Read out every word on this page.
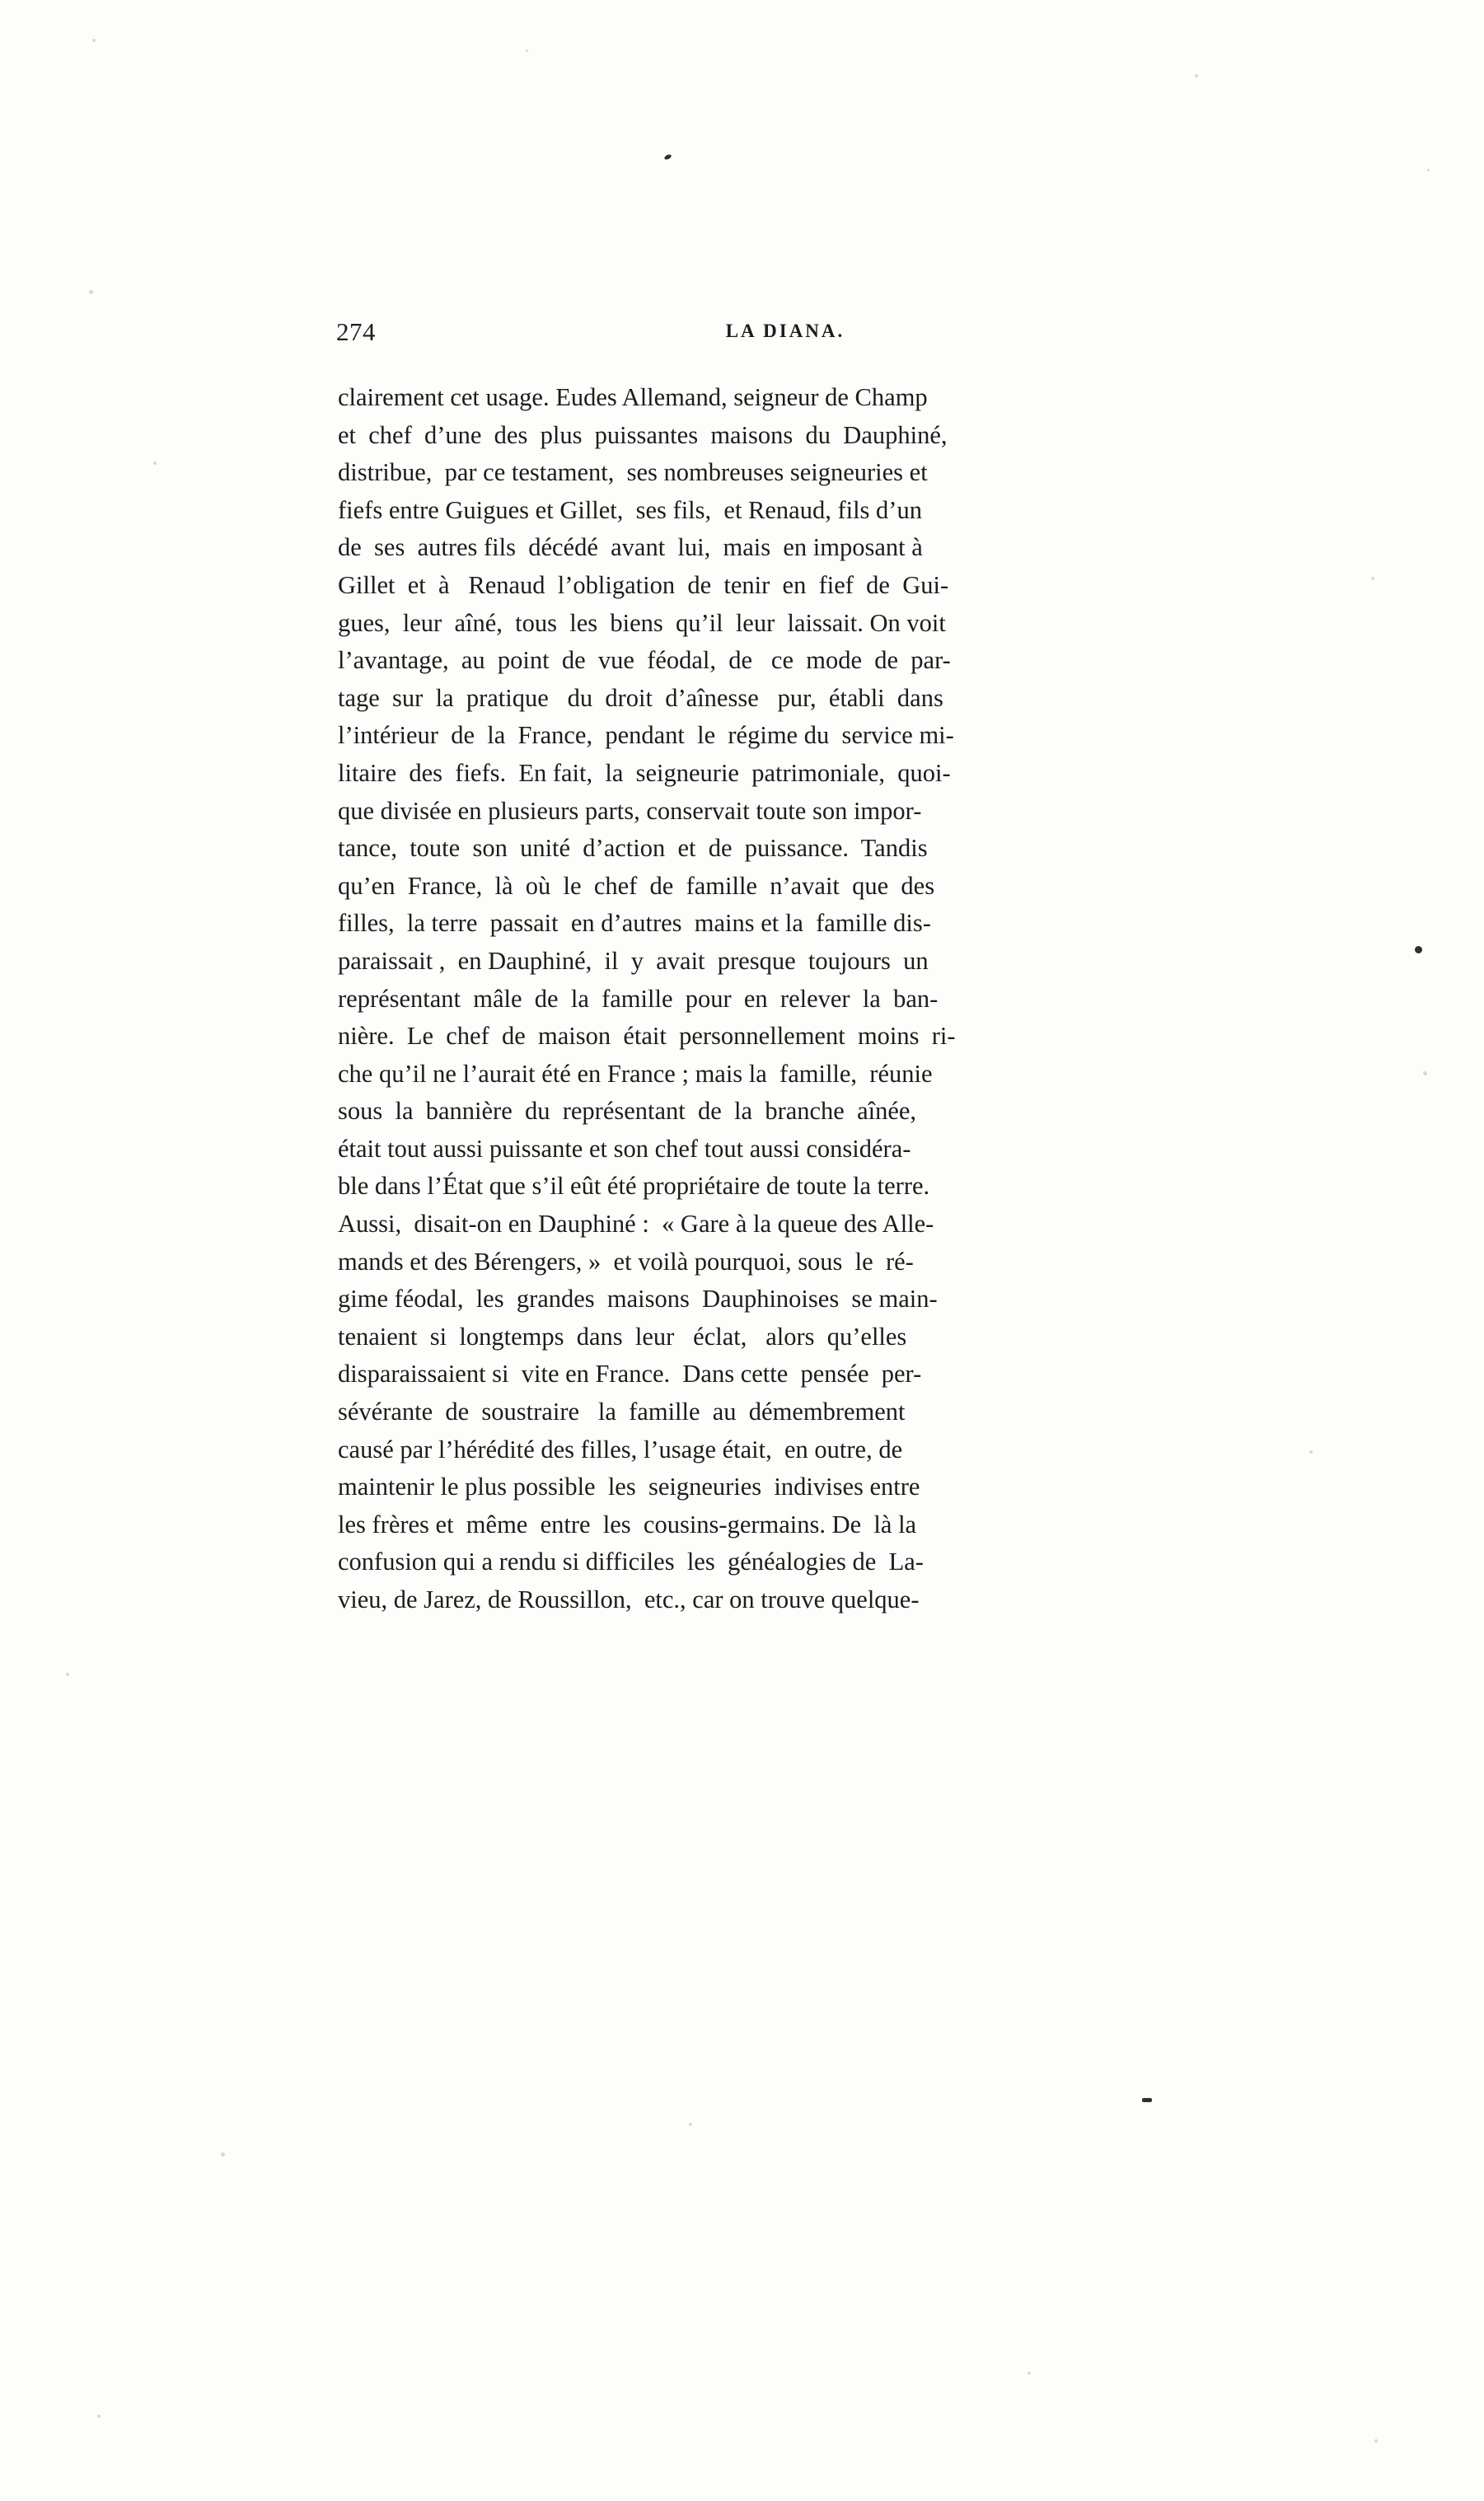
274	LA DIANA.
clairement cet usage. Eudes Allemand, seigneur de Champ
et  chef  d’une  des  plus  puissantes  maisons  du  Dauphiné,
distribue,  par ce testament,  ses nombreuses seigneuries et
fiefs entre Guigues et Gillet,  ses fils,  et Renaud, fils d’un
de  ses  autres fils  décédé  avant  lui,  mais  en imposant à
Gillet  et  à   Renaud  l’obligation  de  tenir  en  fief  de  Gui-
gues,  leur  aîné,  tous  les  biens  qu’il  leur  laissait. On voit
l’avantage,  au  point  de  vue  féodal,  de   ce  mode  de  par-
tage  sur  la  pratique   du  droit  d’aînesse   pur,  établi  dans
l’intérieur  de  la  France,  pendant  le  régime du  service mi-
litaire  des  fiefs.  En fait,  la  seigneurie  patrimoniale,  quoi-
que divisée en plusieurs parts, conservait toute son impor-
tance,  toute  son  unité  d’action  et  de  puissance.  Tandis
qu’en  France,  là  où  le  chef  de  famille  n’avait  que  des
filles,  la terre  passait  en d’autres  mains et la  famille dis-
paraissait ,  en Dauphiné,  il  y  avait  presque  toujours  un
représentant  mâle  de  la  famille  pour  en  relever  la  ban-
nière.  Le  chef  de  maison  était  personnellement  moins  ri-
che qu’il ne l’aurait été en France ; mais la  famille,  réunie
sous  la  bannière  du  représentant  de  la  branche  aînée,
était tout aussi puissante et son chef tout aussi considéra-
ble dans l’État que s’il eût été propriétaire de toute la terre.
Aussi,  disait-on en Dauphiné :  « Gare à la queue des Alle-
mands et des Bérengers, »  et voilà pourquoi, sous  le  ré-
gime féodal,  les  grandes  maisons  Dauphinoises  se main-
tenaient  si  longtemps  dans  leur   éclat,   alors  qu’elles
disparaissaient si  vite en France.  Dans cette  pensée  per-
sévérante  de  soustraire   la  famille  au  démembrement
causé par l’hérédité des filles, l’usage était,  en outre, de
maintenir le plus possible  les  seigneuries  indivises entre
les frères et  même  entre  les  cousins-germains. De  là la
confusion qui a rendu si difficiles  les  généalogies de  La-
vieu, de Jarez, de Roussillon,  etc., car on trouve quelque-
